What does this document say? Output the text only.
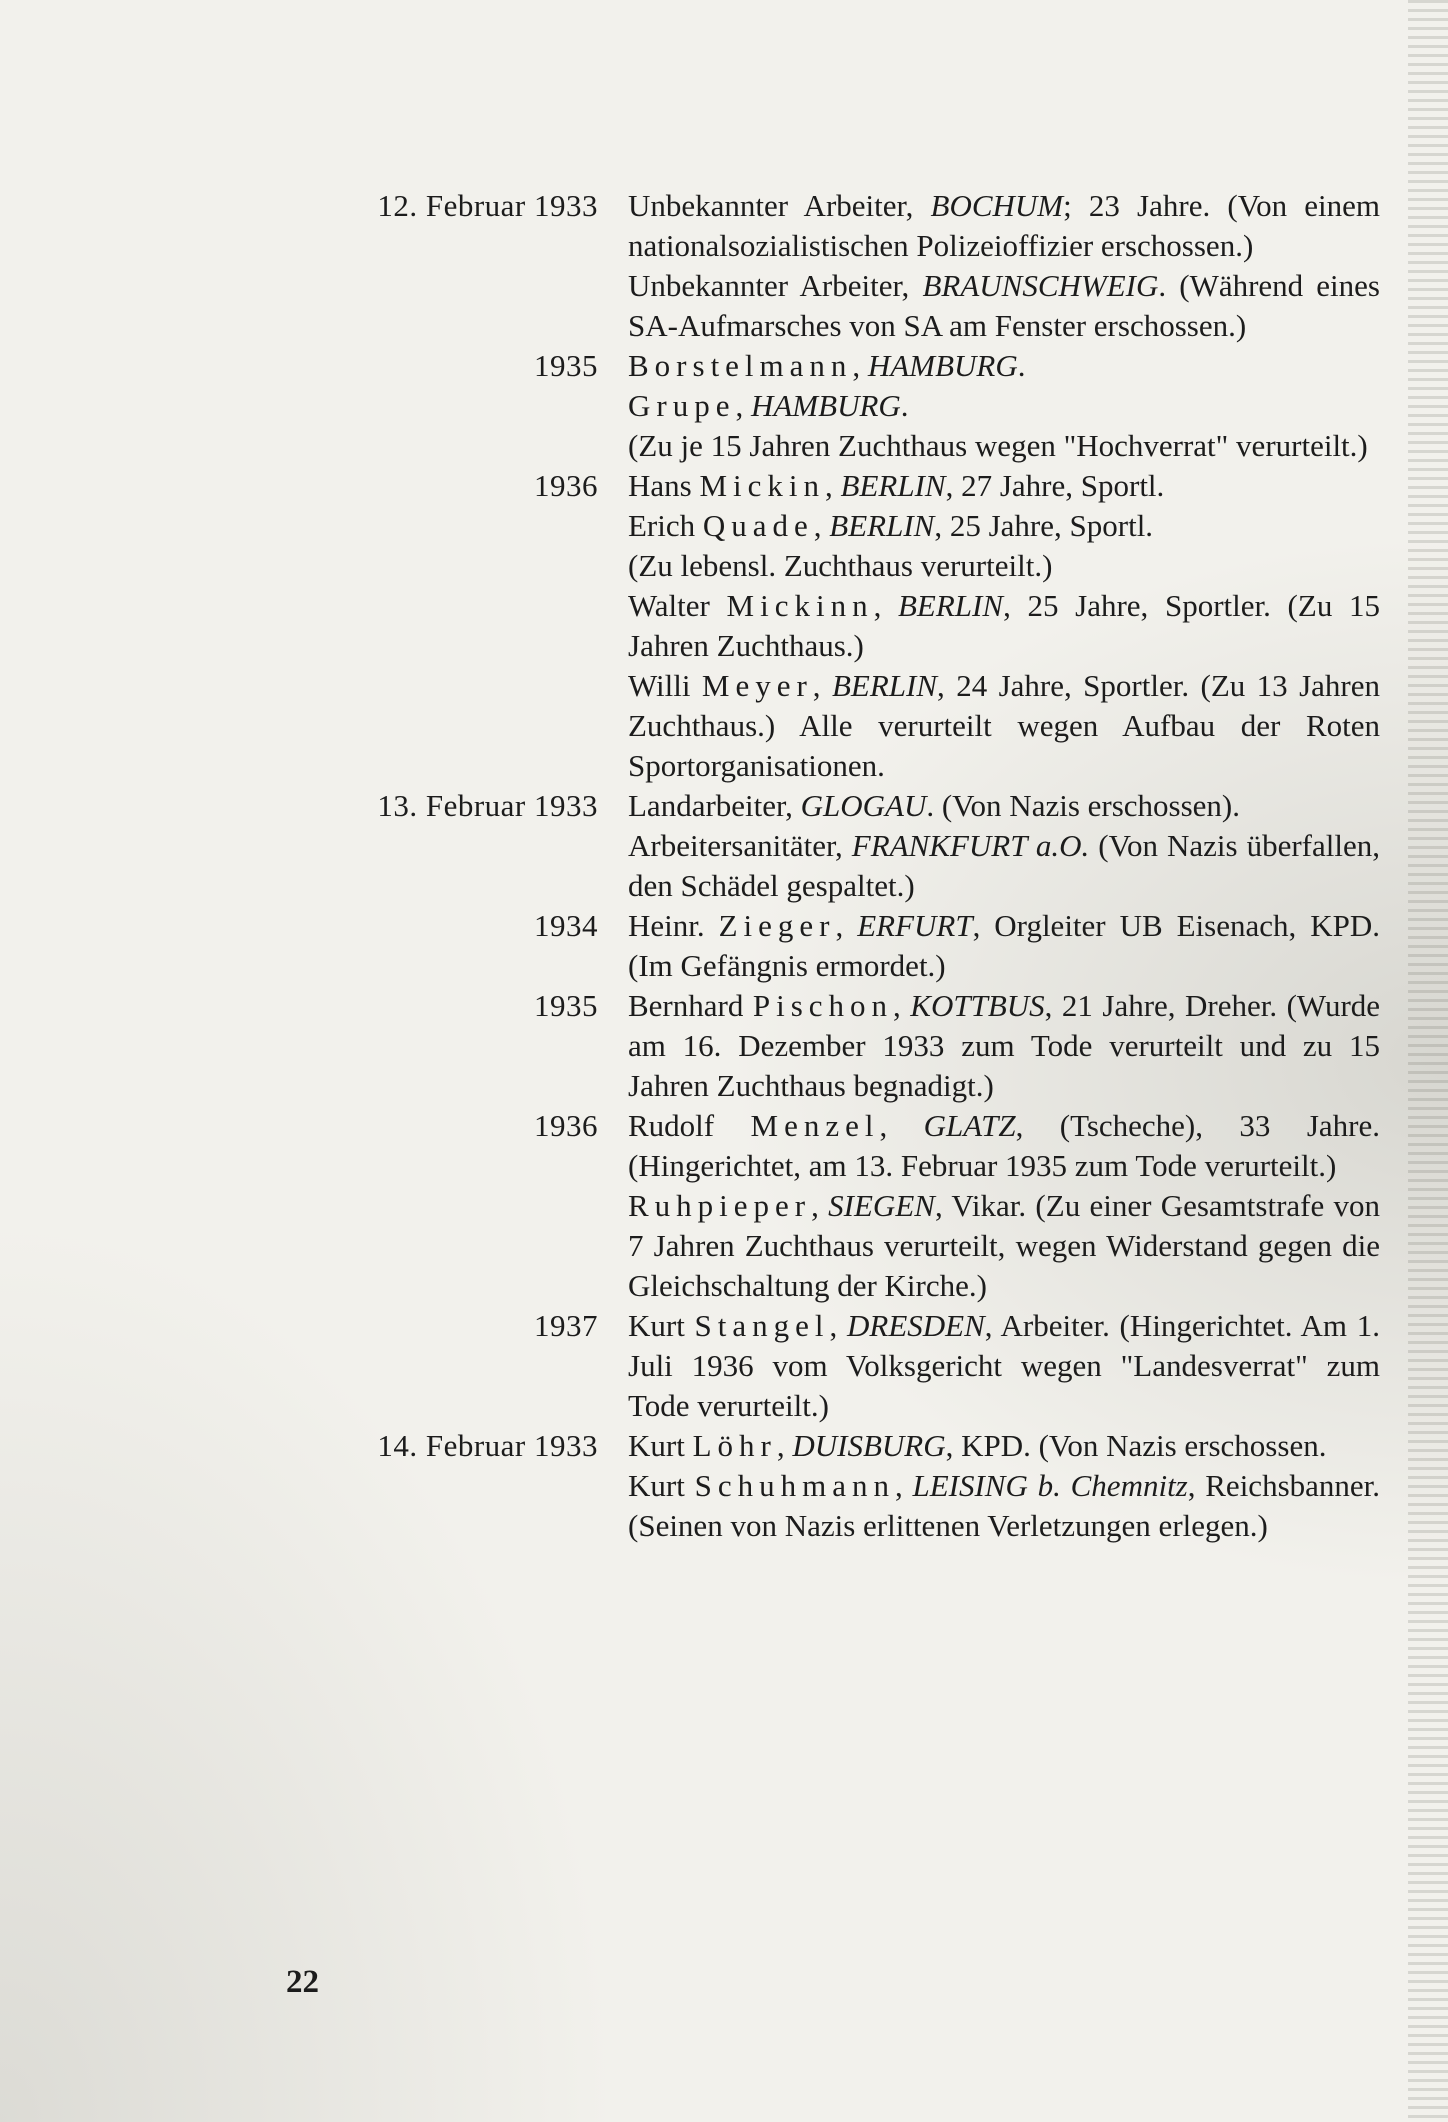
12. Februar 1933 Unbekannter Arbeiter, BOCHUM; 23 Jahre. (Von einem nationalsozialistischen Polizeioffizier erschossen.)

Unbekannter Arbeiter, BRAUNSCHWEIG. (Während eines SA-Aufmarsches von SA am Fenster erschossen.)

1935 Borstelmann, HAMBURG.

Grupe, HAMBURG.

(Zu je 15 Jahren Zuchthaus wegen "Hochverrat" verurteilt.)

1936 Hans Mickin, BERLIN, 27 Jahre, Sportl.

Erich Quade, BERLIN, 25 Jahre, Sportl.

(Zu lebensl. Zuchthaus verurteilt.)

Walter Mickinn, BERLIN, 25 Jahre, Sportler. (Zu 15 Jahren Zuchthaus.)

Willi Meyer, BERLIN, 24 Jahre, Sportler. (Zu 13 Jahren Zuchthaus.) Alle verurteilt wegen Aufbau der Roten Sportorganisationen.

13. Februar 1933 Landarbeiter, GLOGAU. (Von Nazis erschossen).

Arbeitersanitäter, FRANKFURT a.O. (Von Nazis überfallen, den Schädel gespaltet.)

1934 Heinr. Zieger, ERFURT, Orgleiter UB Eisenach, KPD. (Im Gefängnis ermordet.)

1935 Bernhard Pischon, KOTTBUS, 21 Jahre, Dreher. (Wurde am 16. Dezember 1933 zum Tode verurteilt und zu 15 Jahren Zuchthaus begnadigt.)

1936 Rudolf Menzel, GLATZ, (Tscheche), 33 Jahre. (Hingerichtet, am 13. Februar 1935 zum Tode verurteilt.)

Ruhpieper, SIEGEN, Vikar. (Zu einer Gesamtstrafe von 7 Jahren Zuchthaus verurteilt, wegen Widerstand gegen die Gleichschaltung der Kirche.)

1937 Kurt Stangel, DRESDEN, Arbeiter. (Hingerichtet. Am 1. Juli 1936 vom Volksgericht wegen "Landesverrat" zum Tode verurteilt.)

14. Februar 1933 Kurt Löhr, DUISBURG, KPD. (Von Nazis erschossen.

Kurt Schuhmann, LEISING b. Chemnitz, Reichsbanner. (Seinen von Nazis erlittenen Verletzungen erlegen.)

22
